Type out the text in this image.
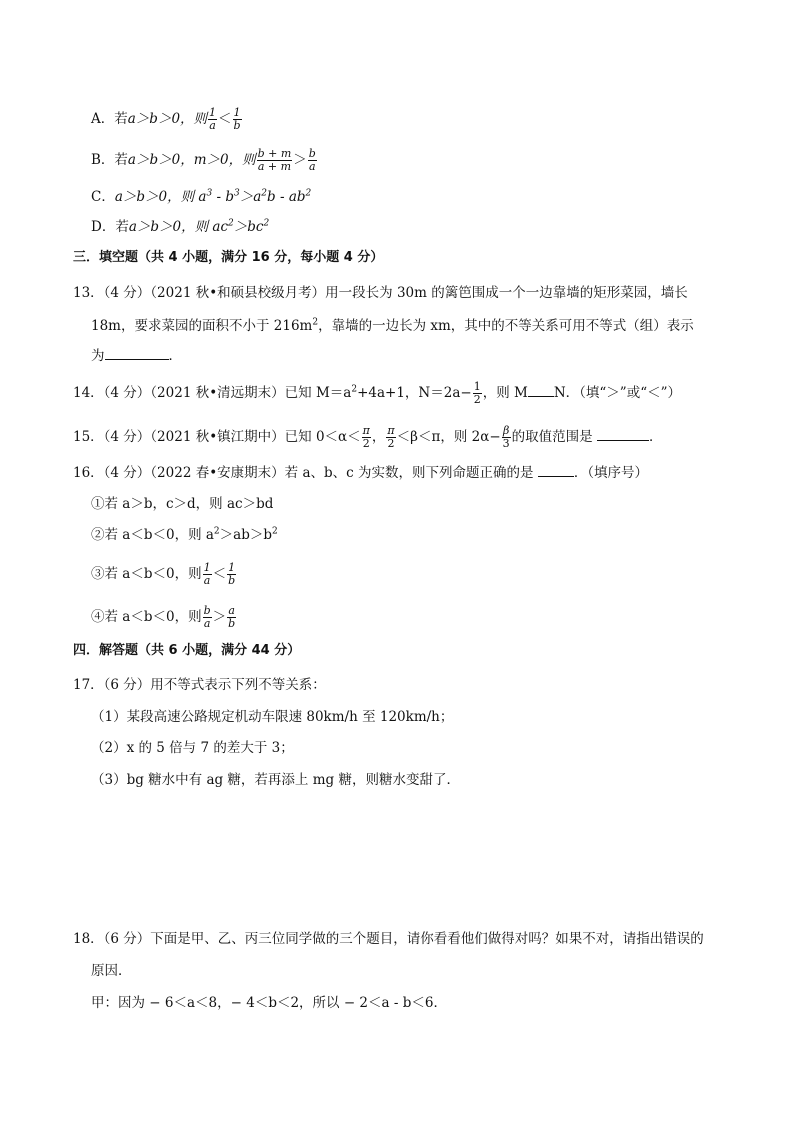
A．若a＞b＞0，则 $\frac{1}{a} < \frac{1}{b}$
B．若a＞b＞0，m＞0，则 $\frac{b + m}{a + m} > \frac{b}{a}$
C．a＞b＞0，则 $a^3 - b^3>a^2b - ab^2$
D．若a＞b＞0，则 $ac^2>bc^2$
三．填空题（共 4 小题，满分 16 分，每小题 4 分）
13．（4 分）（2021 秋•和硕县校级月考）用一段长为 30m 的篱笆围成一个一边靠墙的矩形菜园，墙长
18m，要求菜园的面积不小于 $216m^2$，靠墙的一边长为 xm，其中的不等关系可用不等式（组）表示
为	．
14．（4 分）（2021 秋•清远期末）已知 $M=a^2+4a+1$，$N=2a- \frac{1}{2}$ ，则 M N．（填“＞”或“＜”）
15．（4 分）（2021 秋•镇江期中）已知 $0<\alpha< \frac{\pi}{2}$ ， $\frac{\pi}{2} <\beta<\pi$，则 $2\alpha- \frac{\beta}{3}$ 的取值范围是	．
16．（4 分）（2022 春•安康期末）若 a、b、c 为实数，则下列命题正确的是	．（填序号）
①若 a＞b，c＞d，则 ac＞bd
②若 a＜b＜0，则 $a^2>ab>b^2$
③若 a＜b＜0，则 $\frac{1}{a} < \frac{1}{b}$
④若 a＜b＜0，则 $\frac{b}{a} > \frac{a}{b}$
四．解答题（共 6 小题，满分 44 分）
17．（6 分）用不等式表示下列不等关系：
（1）某段高速公路规定机动车限速 80km/h 至 120km/h；
（2）x 的 5 倍与 7 的差大于 3；
（3）bg 糖水中有 ag 糖，若再添上 mg 糖，则糖水变甜了．
18．（6 分）下面是甲、乙、丙三位同学做的三个题目，请你看看他们做得对吗？如果不对，请指出错误的
原因．
甲：因为 − 6＜a＜8，− 4＜b＜2，所以 − 2＜a - b＜6．
